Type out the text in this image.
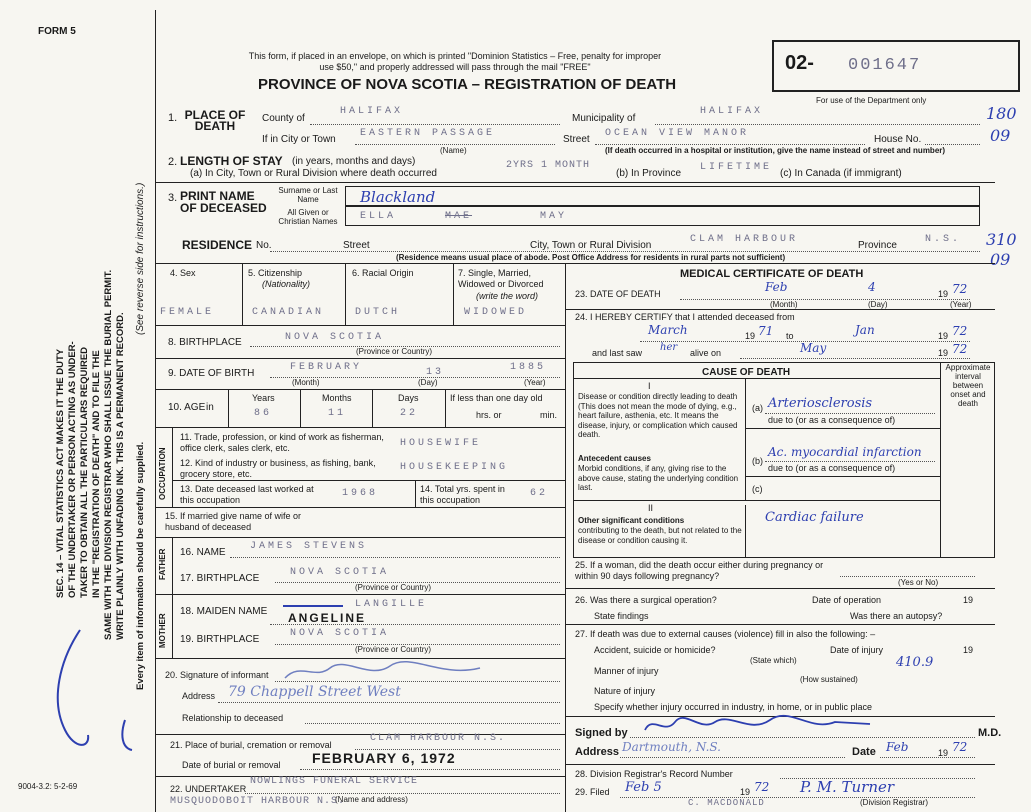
FORM 5
This form, if placed in an envelope, on which is printed "Dominion Statistics – Free, penalty for improper
use $50," and properly addressed will pass through the mail "FREE"
PROVINCE OF NOVA SCOTIA – REGISTRATION OF DEATH
02- 001647
For use of the Department only
180
09
310
09
SEC. 14 – VITAL STATISTICS ACT MAKES IT THE DUTY OF THE UNDERTAKER OR PERSON ACTING AS UNDER- TAKER TO OBTAIN ALL THE PARTICULARS REQUIRED IN THE "REGISTRATION OF DEATH" AND TO FILE THE SAME WITH THE DIVISION REGISTRAR WHO SHALL ISSUE THE BURIAL PERMIT. WRITE PLAINLY WITH UNFADING INK. THIS IS A PERMANENT RECORD.
(See reverse side for instructions.)
Every item of information should be carefully supplied.
9004-3.2: 5-2-69
1. PLACE OF DEATH
County of
HALIFAX
Municipality of
HALIFAX
If in City or Town
EASTERN PASSAGE
Street
OCEAN VIEW MANOR
House No.
(Name)	(If death occurred in a hospital or institution, give the name instead of street and number)
2. LENGTH OF STAY (in years, months and days)
(a) In City, Town or Rural Division where death occurred
2YRS 1 MONTH
(b) In Province
LIFETIME
(c) In Canada (if immigrant)
3. PRINT NAME OF DECEASED
Surname or Last Name	Blackland
All Given or Christian Names	ELLA	MAE	MAY
RESIDENCE No.	Street	City, Town or Rural Division
CLAM HARBOUR
Province
N.S.
(Residence means usual place of abode. Post Office Address for residents in rural parts not sufficient)
4. Sex	5. Citizenship
(Nationality)
6. Racial Origin	7. Single, Married, Widowed or Divorced
(write the word)
FEMALE	CANADIAN	DUTCH	WIDOWED
8. BIRTHPLACE	NOVA SCOTIA
(Province or Country)
9. DATE OF BIRTH
FEBRUARY	13	1885
(Month)	(Day)	(Year)
10. AGE in
Years	Months	Days
86	11	22
If less than one day old
hrs. or	min.
OCCUPATION
11. Trade, profession, or kind of work as fisherman, office clerk, sales clerk, etc.	HOUSEWIFE
12. Kind of industry or business, as fishing, bank, grocery store, etc.
HOUSEKEEPING
13. Date deceased last worked at this occupation
1968	14. Total yrs. spent in this occupation
62
15. If married give name of wife or husband of deceased
FATHER 16. NAME
JAMES STEVENS
17. BIRTHPLACE
NOVA SCOTIA
(Province or Country)
MOTHER
18. MAIDEN NAME
LANGILLE
ANGELINE
19. BIRTHPLACE
NOVA SCOTIA
(Province or Country)
20. Signature of informant
Address 79 Chappell Street West
Relationship to deceased
21. Place of burial, cremation or removal
CLAM HARBOUR N.S.
Date of burial or removal FEBRUARY 6, 1972
22. UNDERTAKER
NOWLINGS FUNERAL SERVICE
MUSQUODOBOIT HARBOUR N.S.
(Name and address)
MEDICAL CERTIFICATE OF DEATH
23. DATE OF DEATH	Feb	4	19 72
(Month)	(Day)	(Year)
24. I HEREBY CERTIFY that I attended deceased from
March	19 71 to	Jan	19 72
and last saw her alive on	May	19 72
CAUSE OF DEATH	Approximate interval between onset and death
I
Disease or condition directly leading to death (This does not mean the mode of dying, e.g., heart failure, asthenia, etc. It means the disease, injury, or complication which caused death.
(a) Arteriosclerosis
due to (or as a consequence of)
Antecedent causes
Morbid conditions, if any, giving rise to the above cause, stating the underlying condition last.
(b)
Ac. myocardial infarction
due to (or as a consequence of)
(c)
II
Other significant conditions
contributing to the death, but not related to the disease or condition causing it.
Cardiac failure
25. If a woman, did the death occur either during pregnancy or within 90 days following pregnancy?
(Yes or No)
26. Was there a surgical operation?	Date of operation	19
State findings	Was there an autopsy?
27. If death was due to external causes (violence) fill in also the following: –
Accident, suicide or homicide?	Date of injury	19
(State which)
Manner of injury
410.9
(How sustained)
Nature of injury
Specify whether injury occurred in industry, in home, or in public place
Signed by	M.D.
Address Dartmouth, N.S.	Date Feb	19 72
28. Division Registrar's Record Number
29. Filed Feb 5	19 72 P. M. Turner
(Division Registrar)
C. MACDONALD
